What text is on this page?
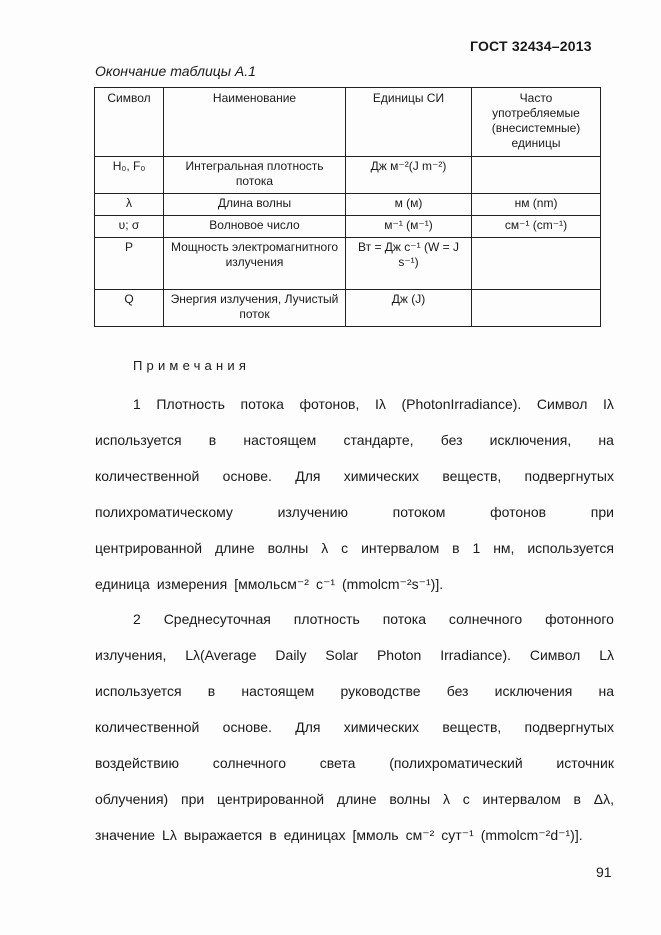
ГОСТ 32434–2013
Окончание таблицы А.1
Символ	Наименование	Единицы СИ	Часто употребляемые (внесистемные) единицы
H₀, F₀	Интегральная плотность потока	Дж м⁻²(J m⁻²)	
λ	Длина волны	м (м)	нм (nm)
υ; σ	Волновое число	м⁻¹ (м⁻¹)	см⁻¹ (cm⁻¹)
P	Мощность электромагнитного излучения	Вт = Дж с⁻¹ (W = J s⁻¹)	
Q	Энергия излучения, Лучистый поток	Дж (J)	
Примечания
1 Плотность потока фотонов, Iλ (PhotonIrradiance). Символ Iλ
используется в настоящем стандарте, без исключения, на
количественной основе. Для химических веществ, подвергнутых
полихроматическому	излучению	потоком	фотонов	при
центрированной длине волны λ с интервалом в 1 нм, используется
единица измерения [ммольсм⁻² с⁻¹ (mmolcm⁻²s⁻¹)].
2 Среднесуточная плотность потока солнечного фотонного
излучения, Lλ(Average Daily Solar Photon Irradiance). Символ Lλ
используется в настоящем руководстве без исключения на
количественной основе. Для химических веществ, подвергнутых
воздействию солнечного света (полихроматический источник
облучения) при центрированной длине волны λ с интервалом в Δλ,
значение Lλ выражается в единицах [ммоль см⁻² сут⁻¹ (mmolcm⁻²d⁻¹)].
91
